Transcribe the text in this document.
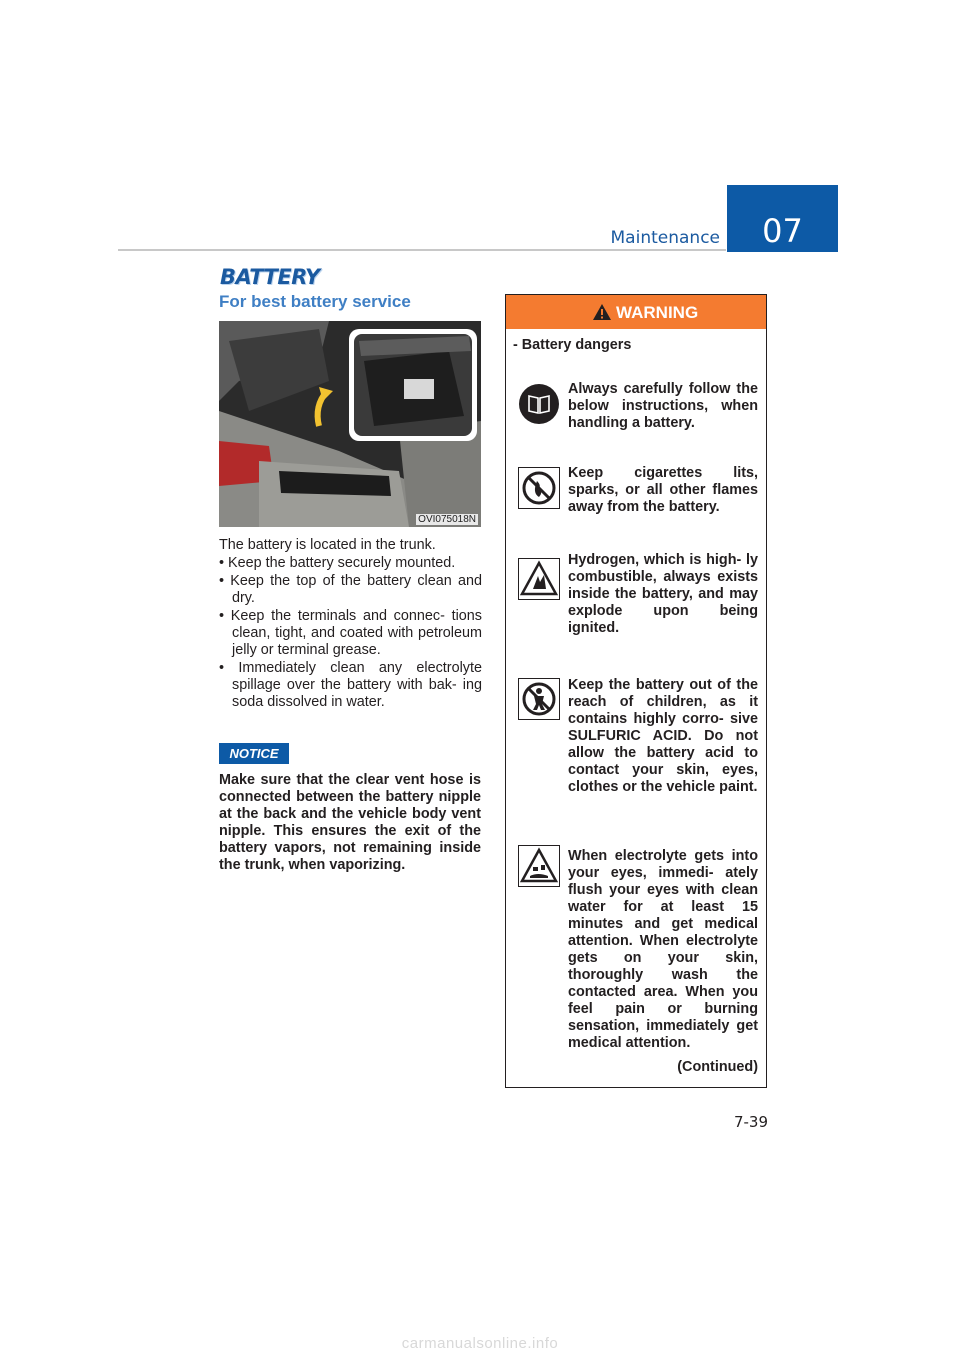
Maintenance	07
BATTERY
For best battery service
OVI075018N

The battery is located in the trunk.

• Keep the battery securely mounted.

• Keep the top of the battery clean and dry.

• Keep the terminals and connec- tions clean, tight, and coated with petroleum jelly or terminal grease.

• Immediately clean any electrolyte spillage over the battery with bak- ing soda dissolved in water.

NOTICE

Make sure that the clear vent hose is connected between the battery nipple at the back and the vehicle body vent nipple. This ensures the exit of the battery vapors, not remaining inside the trunk, when vaporizing.

WARNING

- Battery dangers

Always carefully follow the below instructions, when handling a battery.

Keep cigarettes lits, sparks, or all other flames away from the battery.

Hydrogen, which is high- ly combustible, always exists inside the battery, and may explode upon being ignited.

Keep the battery out of the reach of children, as it contains highly corro- sive SULFURIC ACID. Do not allow the battery acid to contact your skin, eyes, clothes or the vehicle paint.

When electrolyte gets into your eyes, immedi- ately flush your eyes with clean water for at least 15 minutes and get medical attention. When electrolyte gets on your skin, thoroughly wash the contacted area. When you feel pain or burning sensation, immediately get medical attention.

(Continued)

7-39
carmanualsonline.info
